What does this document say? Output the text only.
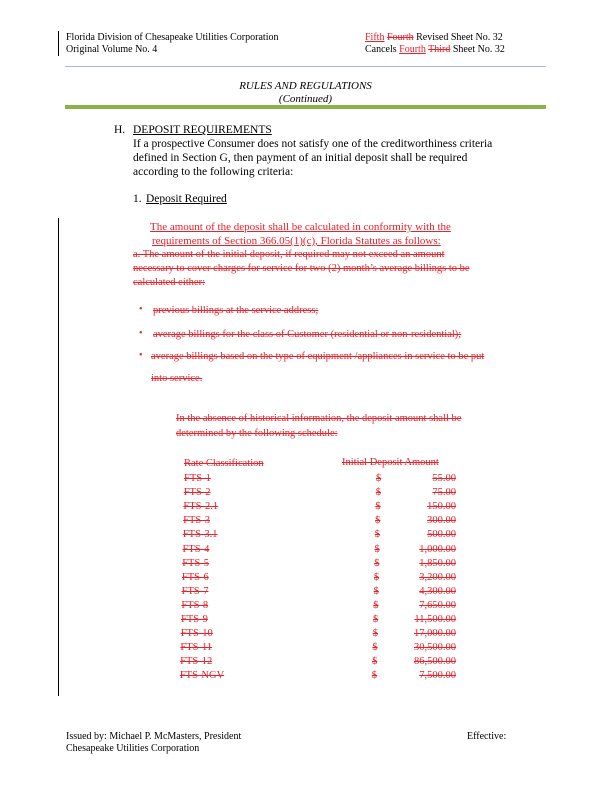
Florida Division of Chesapeake Utilities Corporation
Original Volume No. 4
Fifth Fourth Revised Sheet No. 32
Cancels Fourth Third Sheet No. 32
RULES AND REGULATIONS
(Continued)
H. DEPOSIT REQUIREMENTS
If a prospective Consumer does not satisfy one of the creditworthiness criteria
defined in Section G, then payment of an initial deposit shall be required
according to the following criteria:
1. Deposit Required
The amount of the deposit shall be calculated in conformity with the
requirements of Section 366.05(1)(c), Florida Statutes as follows:
a. The amount of the initial deposit, if required may not exceed an amount
necessary to cover charges for service for two (2) month’s average billings to be
calculated either:
• previous billings at the service address;
• average billings for the class of Customer (residential or non-residential);
• average billings based on the type of equipment /appliances in service to be put
into service.
In the absence of historical information, the deposit amount shall be
determined by the following schedule:
Rate Classification	Initial Deposit Amount
FTS-1	$	55.00
FTS-2	$	75.00
FTS-2.1	$	150.00
FTS-3	$	300.00
FTS-3.1	$	500.00
FTS-4	$	1,000.00
FTS-5	$	1,850.00
FTS-6	$	3,200.00
FTS-7	$	4,300.00
FTS-8	$	7,650.00
FTS-9	$	11,500.00
FTS-10	$	17,000.00
FTS-11	$	30,500.00
FTS-12	$	86,500.00
FTS-NGV	$	7,500.00
Issued by: Michael P. McMasters, President
Chesapeake Utilities Corporation
Effective:
